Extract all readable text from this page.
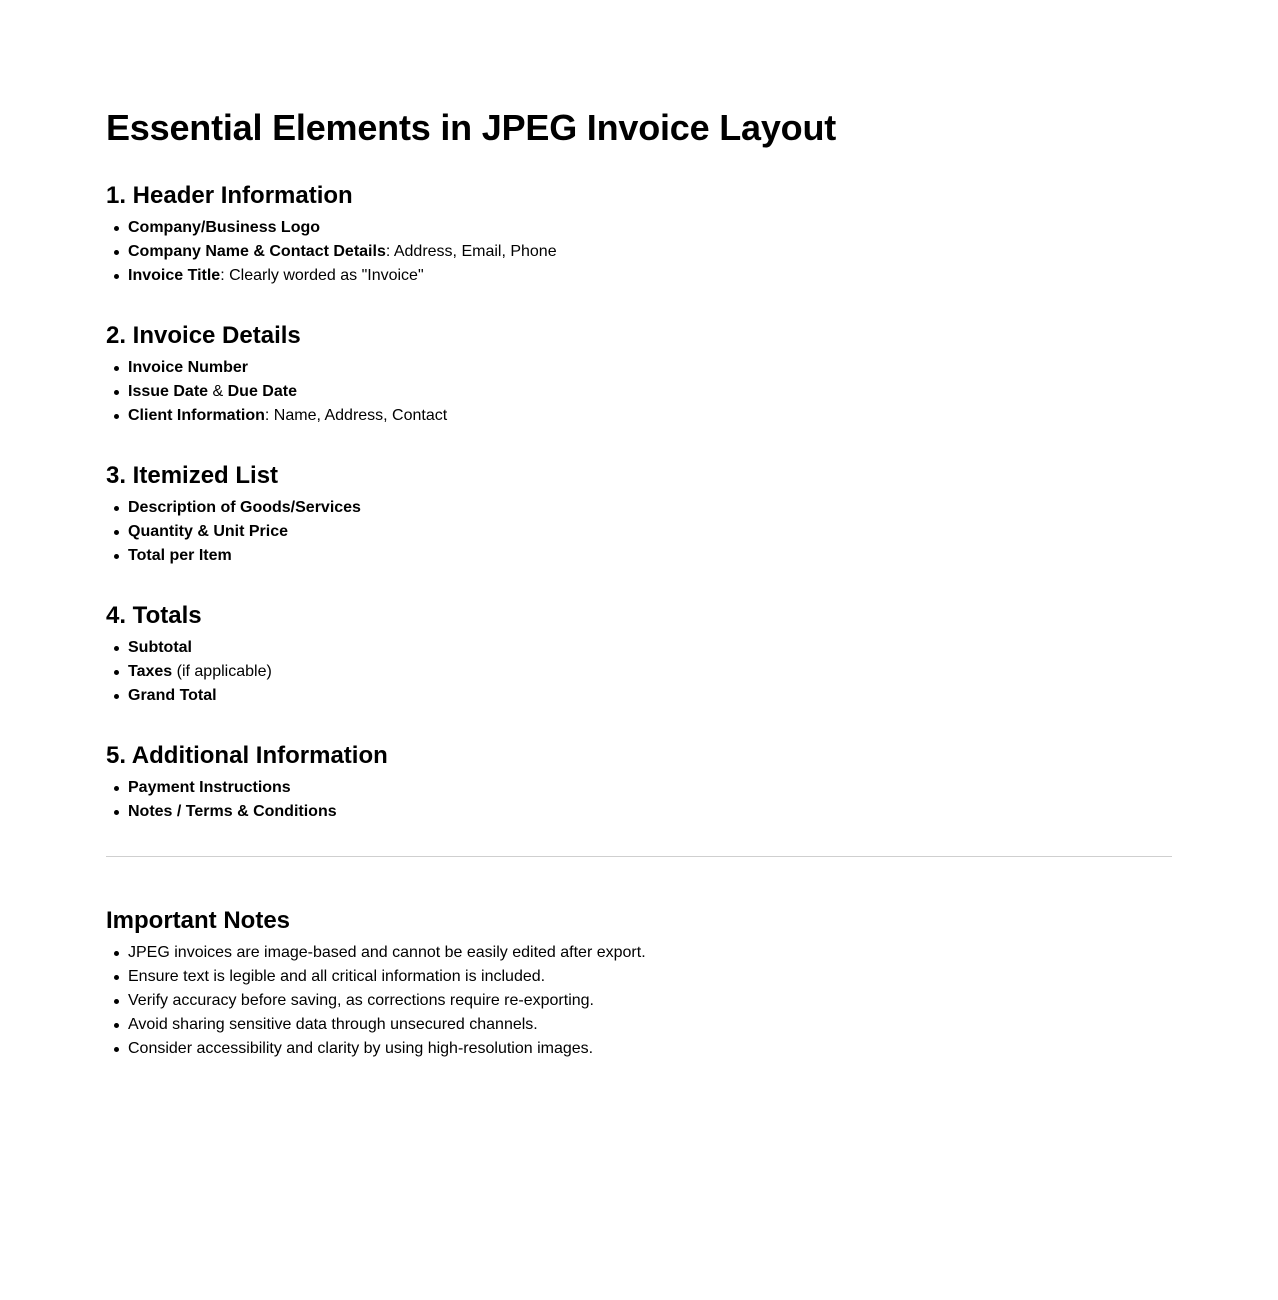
Essential Elements in JPEG Invoice Layout
1. Header Information
Company/Business Logo
Company Name & Contact Details: Address, Email, Phone
Invoice Title: Clearly worded as "Invoice"
2. Invoice Details
Invoice Number
Issue Date & Due Date
Client Information: Name, Address, Contact
3. Itemized List
Description of Goods/Services
Quantity & Unit Price
Total per Item
4. Totals
Subtotal
Taxes (if applicable)
Grand Total
5. Additional Information
Payment Instructions
Notes / Terms & Conditions
Important Notes
JPEG invoices are image-based and cannot be easily edited after export.
Ensure text is legible and all critical information is included.
Verify accuracy before saving, as corrections require re-exporting.
Avoid sharing sensitive data through unsecured channels.
Consider accessibility and clarity by using high-resolution images.
